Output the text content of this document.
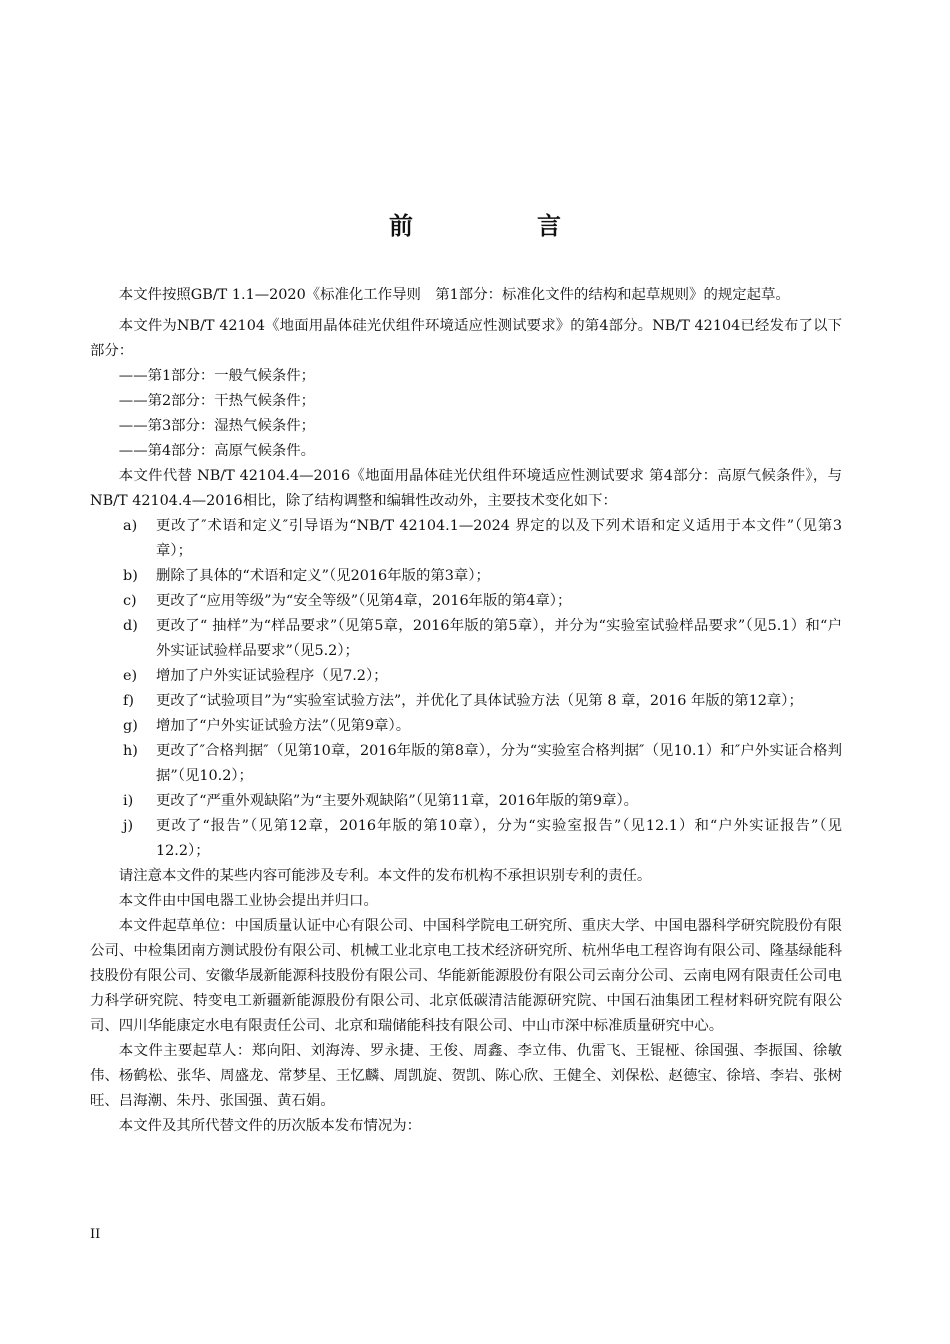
前　言

本文件按照GB/T 1.1—2020《标准化工作导则　第1部分：标准化文件的结构和起草规则》的规定起草。

本文件为NB/T 42104《地面用晶体硅光伏组件环境适应性测试要求》的第4部分。NB/T 42104已经发布了以下部分：

——第1部分：一般气候条件；

——第2部分：干热气候条件；

——第3部分：湿热气候条件；

——第4部分：高原气候条件。

本文件代替 NB/T 42104.4—2016《地面用晶体硅光伏组件环境适应性测试要求 第4部分：高原气候条件》，与NB/T 42104.4—2016相比，除了结构调整和编辑性改动外，主要技术变化如下：

a) 更改了″术语和定义″引导语为“NB/T 42104.1—2024 界定的以及下列术语和定义适用于本文件”（见第3章）；
b) 删除了具体的“术语和定义”（见2016年版的第3章）；
c) 更改了“应用等级”为“安全等级”（见第4章，2016年版的第4章）；
d) 更改了“ 抽样”为“样品要求”（见第5章，2016年版的第5章），并分为“实验室试验样品要求”（见5.1）和“户外实证试验样品要求”（见5.2）；
e) 增加了户外实证试验程序（见7.2）；
f) 更改了“试验项目”为“实验室试验方法”，并优化了具体试验方法（见第 8 章，2016 年版的第12章）；
g) 增加了“户外实证试验方法”（见第9章）。
h) 更改了″合格判据″（见第10章，2016年版的第8章），分为“实验室合格判据″（见10.1）和″户外实证合格判据”（见10.2）；
i) 更改了“严重外观缺陷”为“主要外观缺陷”（见第11章，2016年版的第9章）。
j) 更改了“报告”（见第12章，2016年版的第10章），分为“实验室报告”（见12.1）和“户外实证报告”（见12.2）；

请注意本文件的某些内容可能涉及专利。本文件的发布机构不承担识别专利的责任。

本文件由中国电器工业协会提出并归口。

本文件起草单位：中国质量认证中心有限公司、中国科学院电工研究所、重庆大学、中国电器科学研究院股份有限公司、中检集团南方测试股份有限公司、机械工业北京电工技术经济研究所、杭州华电工程咨询有限公司、隆基绿能科技股份有限公司、安徽华晟新能源科技股份有限公司、华能新能源股份有限公司云南分公司、云南电网有限责任公司电力科学研究院、特变电工新疆新能源股份有限公司、北京低碳清洁能源研究院、中国石油集团工程材料研究院有限公司、四川华能康定水电有限责任公司、北京和瑞储能科技有限公司、中山市深中标准质量研究中心。

本文件主要起草人：郑向阳、刘海涛、罗永捷、王俊、周鑫、李立伟、仇雷飞、王锟桠、徐国强、李振国、徐敏伟、杨鹤松、张华、周盛龙、常梦星、王忆麟、周凯旋、贺凯、陈心欣、王健全、刘保松、赵德宝、徐培、李岩、张树旺、吕海潮、朱丹、张国强、黄石娟。

本文件及其所代替文件的历次版本发布情况为：

II
